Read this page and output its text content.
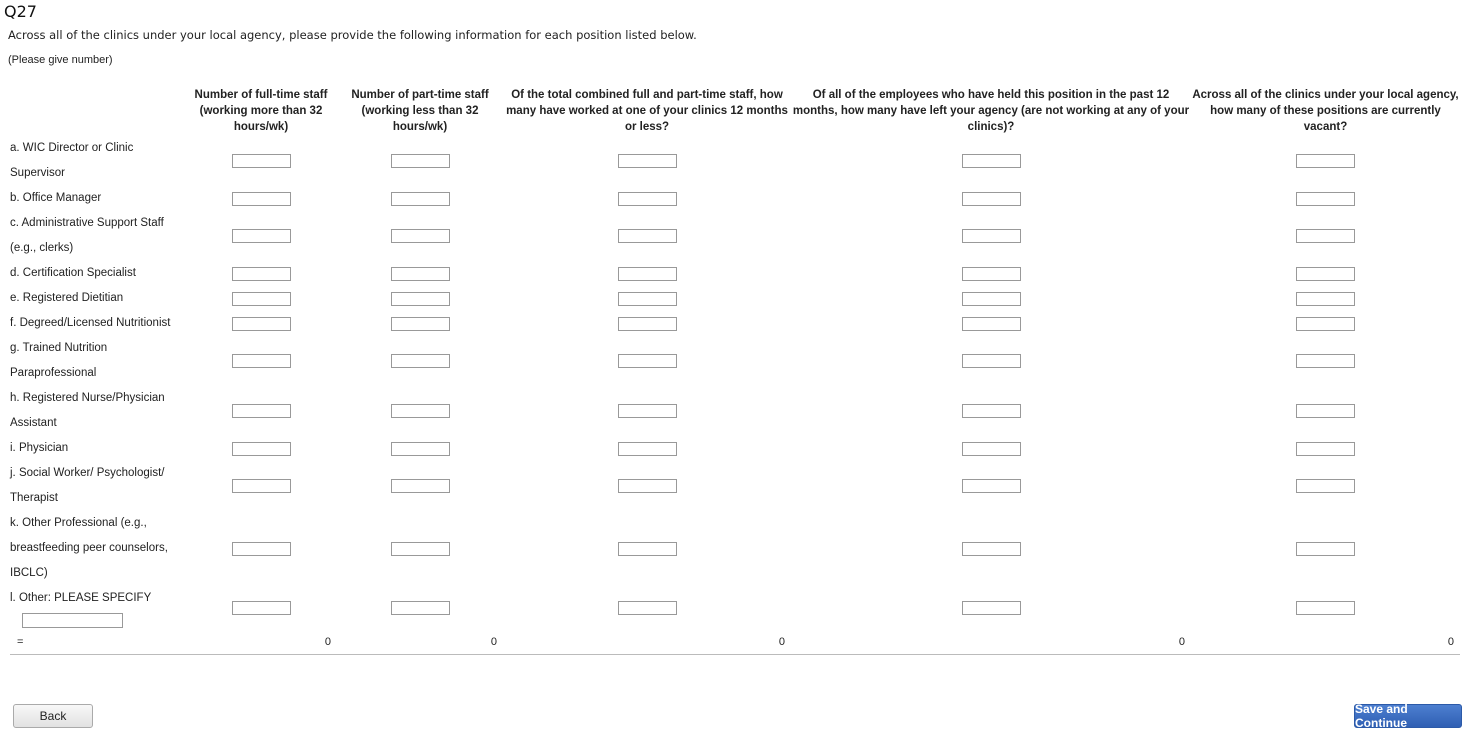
Q27
Across all of the clinics under your local agency, please provide the following information for each position listed below.
(Please give number)
	Number of full-time staff (working more than 32 hours/wk)	Number of part-time staff (working less than 32 hours/wk)	Of the total combined full and part-time staff, how many have worked at one of your clinics 12 months or less?	Of all of the employees who have held this position in the past 12 months, how many have left your agency (are not working at any of your clinics)?	Across all of the clinics under your local agency, how many of these positions are currently vacant?
a. WIC Director or Clinic Supervisor					
b. Office Manager					
c. Administrative Support Staff (e.g., clerks)					
d. Certification Specialist					
e. Registered Dietitian					
f. Degreed/Licensed Nutritionist					
g. Trained Nutrition Paraprofessional					
h. Registered Nurse/Physician Assistant					
i. Physician					
j. Social Worker/ Psychologist/ Therapist					
k. Other Professional (e.g., breastfeeding peer counselors, IBCLC)					
l. Other: PLEASE SPECIFY

=	0	0	0	0	0
Back	Save and Continue
